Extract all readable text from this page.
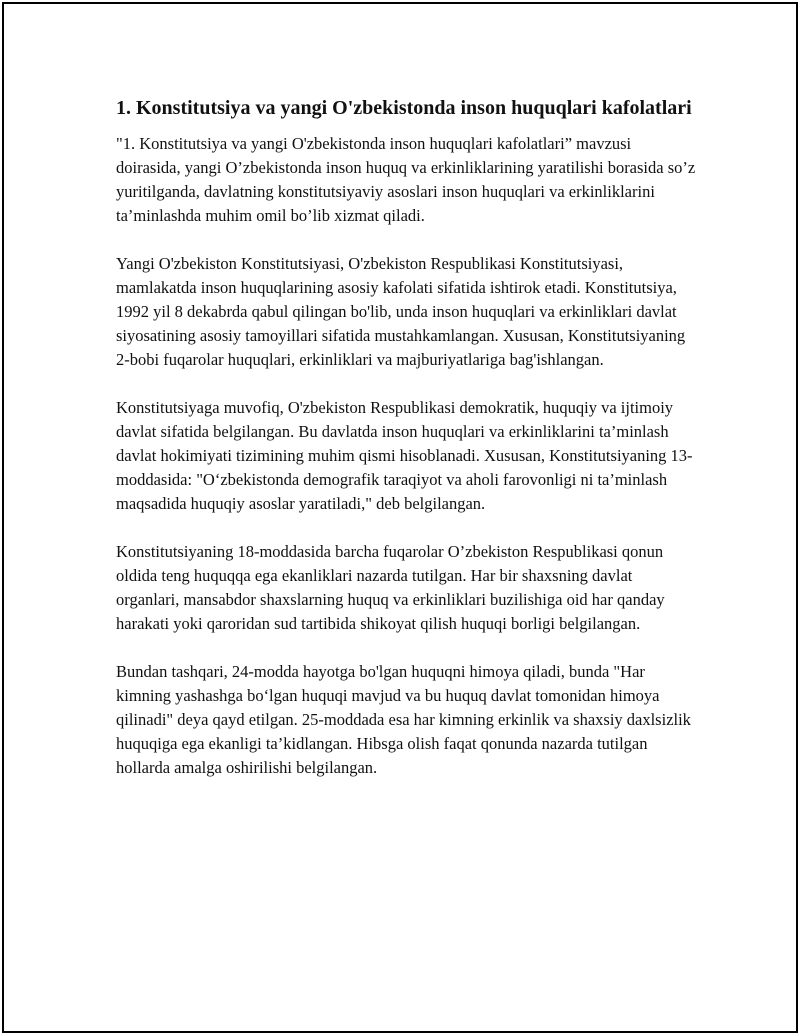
1. Konstitutsiya va yangi O'zbekistonda inson huquqlari kafolatlari

"1. Konstitutsiya va yangi O'zbekistonda inson huquqlari kafolatlari” mavzusi doirasida, yangi O’zbekistonda inson huquq va erkinliklarining yaratilishi borasida so’z yuritilganda, davlatning konstitutsiyaviy asoslari inson huquqlari va erkinliklarini ta’minlashda muhim omil bo’lib xizmat qiladi.

Yangi O'zbekiston Konstitutsiyasi, O'zbekiston Respublikasi Konstitutsiyasi, mamlakatda inson huquqlarining asosiy kafolati sifatida ishtirok etadi. Konstitutsiya, 1992 yil 8 dekabrda qabul qilingan bo'lib, unda inson huquqlari va erkinliklari davlat siyosatining asosiy tamoyillari sifatida mustahkamlangan. Xususan, Konstitutsiyaning 2-bobi fuqarolar huquqlari, erkinliklari va majburiyatlariga bag'ishlangan.

Konstitutsiyaga muvofiq, O'zbekiston Respublikasi demokratik, huquqiy va ijtimoiy davlat sifatida belgilangan. Bu davlatda inson huquqlari va erkinliklarini ta’minlash davlat hokimiyati tizimining muhim qismi hisoblanadi. Xususan, Konstitutsiyaning 13-moddasida: "O‘zbekistonda demografik taraqiyot va aholi farovonligi ni ta’minlash maqsadida huquqiy asoslar yaratiladi," deb belgilangan.

Konstitutsiyaning 18-moddasida barcha fuqarolar O’zbekiston Respublikasi qonun oldida teng huquqqa ega ekanliklari nazarda tutilgan. Har bir shaxsning davlat organlari, mansabdor shaxslarning huquq va erkinliklari buzilishiga oid har qanday harakati yoki qaroridan sud tartibida shikoyat qilish huquqi borligi belgilangan.

Bundan tashqari, 24-modda hayotga bo'lgan huquqni himoya qiladi, bunda "Har kimning yashashga bo‘lgan huquqi mavjud va bu huquq davlat tomonidan himoya qilinadi" deya qayd etilgan. 25-moddada esa har kimning erkinlik va shaxsiy daxlsizlik huquqiga ega ekanligi ta’kidlangan. Hibsga olish faqat qonunda nazarda tutilgan hollarda amalga oshirilishi belgilangan.
